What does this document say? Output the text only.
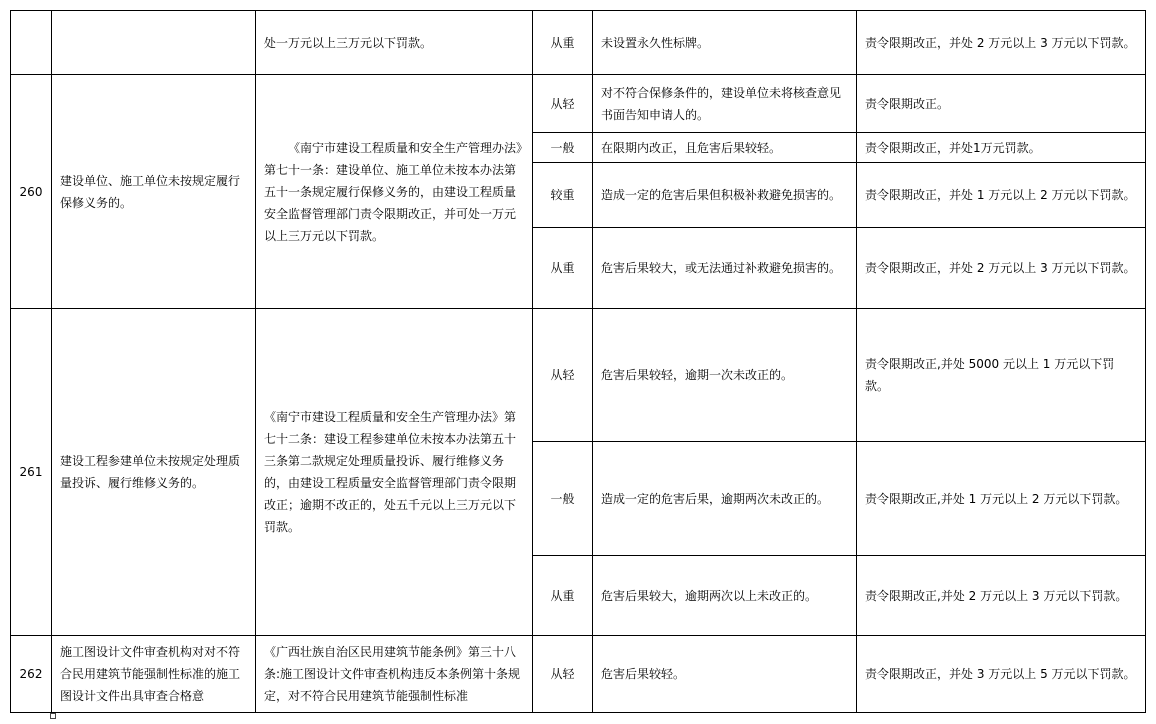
		处一万元以上三万元以下罚款。	从重	未设置永久性标牌。	责令限期改正，并处 2 万元以上 3 万元以下罚款。
260	建设单位、施工单位未按规定履行保修义务的。	《南宁市建设工程质量和安全生产管理办法》第七十一条：建设单位、施工单位未按本办法第五十一条规定履行保修义务的，由建设工程质量安全监督管理部门责令限期改正，并可处一万元以上三万元以下罚款。	从轻	对不符合保修条件的，建设单位未将核查意见书面告知申请人的。	责令限期改正。
			一般	在限期内改正，且危害后果较轻。	责令限期改正，并处1万元罚款。
			较重	造成一定的危害后果但积极补救避免损害的。	责令限期改正，并处 1 万元以上 2 万元以下罚款。
			从重	危害后果较大，或无法通过补救避免损害的。	责令限期改正，并处 2 万元以上 3 万元以下罚款。
261	建设工程参建单位未按规定处理质量投诉、履行维修义务的。	《南宁市建设工程质量和安全生产管理办法》第七十二条：建设工程参建单位未按本办法第五十三条第二款规定处理质量投诉、履行维修义务的，由建设工程质量安全监督管理部门责令限期改正；逾期不改正的，处五千元以上三万元以下罚款。	从轻	危害后果较轻，逾期一次未改正的。	责令限期改正,并处 5000 元以上 1 万元以下罚款。
			一般	造成一定的危害后果，逾期两次未改正的。	责令限期改正,并处 1 万元以上 2 万元以下罚款。
			从重	危害后果较大，逾期两次以上未改正的。	责令限期改正,并处 2 万元以上 3 万元以下罚款。
262	施工图设计文件审查机构对对不符合民用建筑节能强制性标准的施工图设计文件出具审查合格意	《广西壮族自治区民用建筑节能条例》第三十八条:施工图设计文件审查机构违反本条例第十条规定，对不符合民用建筑节能强制性标准	从轻	危害后果较轻。	责令限期改正，并处 3 万元以上 5 万元以下罚款。
